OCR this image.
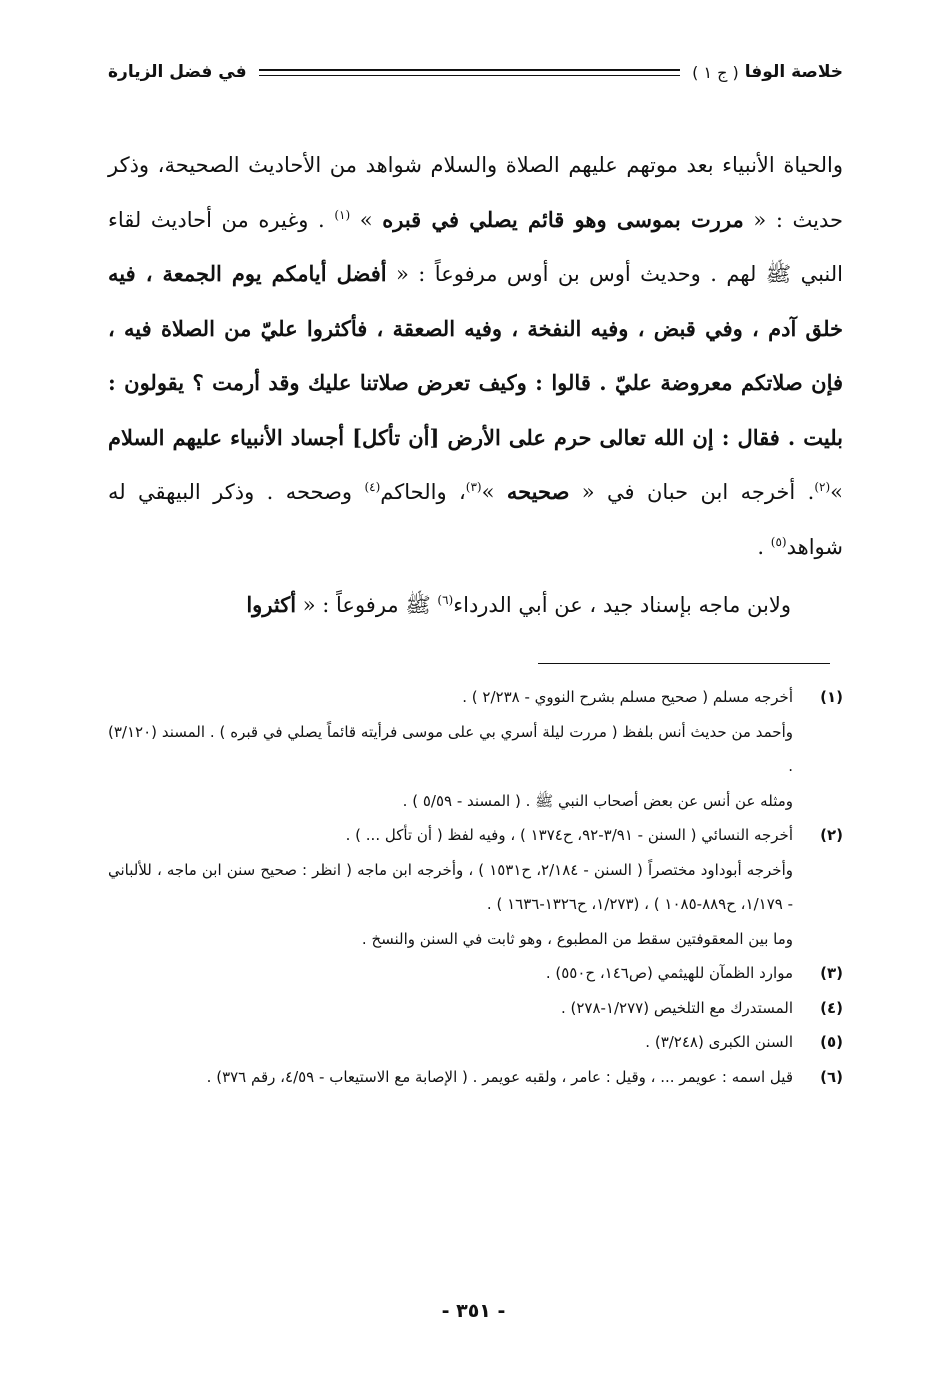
خلاصة الوفا
( ج ١ )
في فضل الزيارة

والحياة الأنبياء بعد موتهم عليهم الصلاة والسلام شواهد من الأحاديث الصحيحة، وذكر حديث : « مررت بموسى وهو قائم يصلي في قبره » $^{(١)}$ . وغيره من أحاديث لقاء النبي ﷺ لهم . وحديث أوس بن أوس مرفوعاً : « أفضل أيامكم يوم الجمعة ، فيه خلق آدم ، وفي قبض ، وفيه النفخة ، وفيه الصعقة ، فأكثروا عليّ من الصلاة فيه ، فإن صلاتكم معروضة عليّ . قالوا : وكيف تعرض صلاتنا عليك وقد أرمت ؟ يقولون : بليت . فقال : إن الله تعالى حرم على الأرض [أن تأكل] أجساد الأنبياء عليهم السلام »$^{(٢)}$. أخرجه ابن حبان في « صحيحه »$^{(٣)}$، والحاكم$^{(٤)}$ وصححه . وذكر البيهقي له شواهد$^{(٥)}$ .

ولابن ماجه بإسناد جيد ، عن أبي الدرداء$^{(٦)}$ ﷺ مرفوعاً : « أكثروا

(١)
أخرجه مسلم ( صحيح مسلم بشرح النووي - ٢/٢٣٨ ) .
وأحمد من حديث أنس بلفظ ( مررت ليلة أسري بي على موسى فرأيته قائماً يصلي في قبره ) . المسند (٣/١٢٠) .
ومثله عن أنس عن بعض أصحاب النبي ﷺ . ( المسند - ٥/٥٩ ) .
(٢)
أخرجه النسائي ( السنن - ٣/٩١-٩٢، ح١٣٧٤ ) ، وفيه لفظ ( أن تأكل ... ) .
وأخرجه أبوداود مختصراً ( السنن - ٢/١٨٤، ح١٥٣١ ) ، وأخرجه ابن ماجه ( انظر : صحيح سنن ابن ماجه ، للألباني - ١/١٧٩، ح٨٨٩-١٠٨٥ ) ، (١/٢٧٣، ح١٣٢٦-١٦٣٦ ) .
وما بين المعقوفتين سقط من المطبوع ، وهو ثابت في السنن والنسخ .
(٣)
موارد الظمآن للهيثمي (ص١٤٦، ح٥٥٠) .
(٤)
المستدرك مع التلخيص (١/٢٧٧-٢٧٨) .
(٥)
السنن الكبرى (٣/٢٤٨) .
(٦)
قيل اسمه : عويمر ... ، وقيل : عامر ، ولقبه عويمر . ( الإصابة مع الاستيعاب - ٤/٥٩، رقم ٣٧٦) .
- ٣٥١ -
